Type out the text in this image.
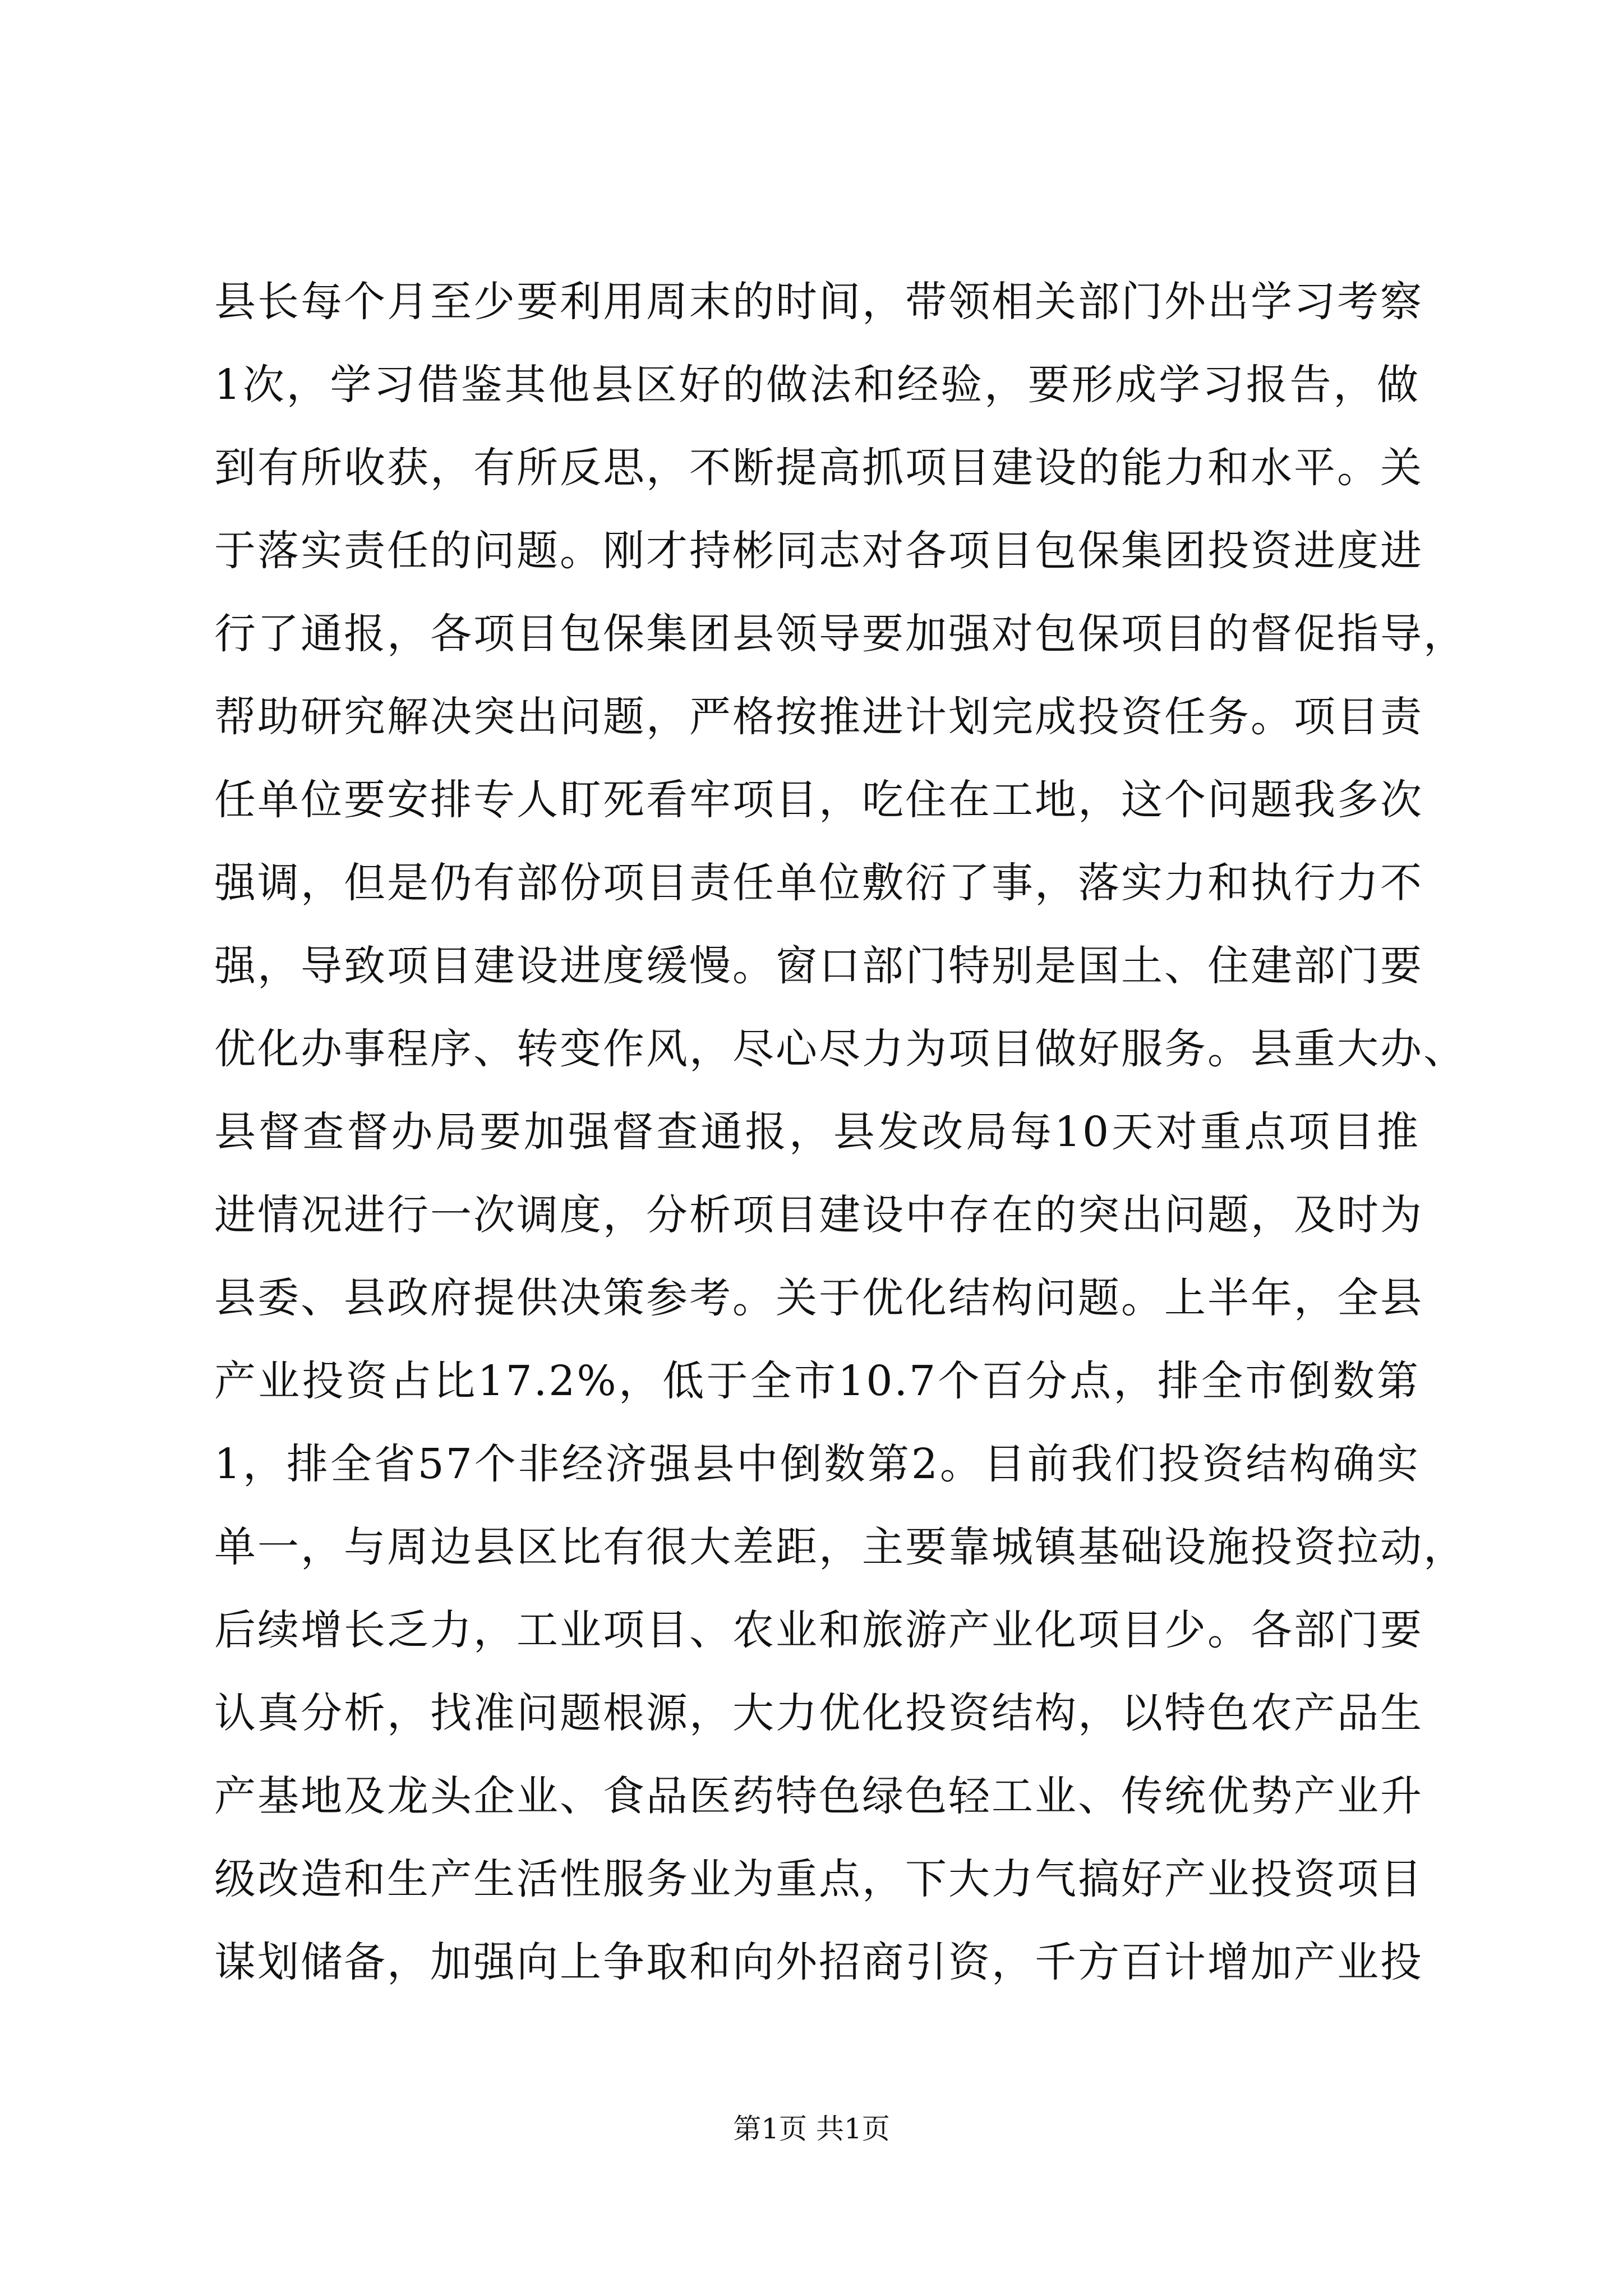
县长每个月至少要利用周末的时间，带领相关部门外出学习考察
1次，学习借鉴其他县区好的做法和经验，要形成学习报告，做
到有所收获，有所反思，不断提高抓项目建设的能力和水平。关
于落实责任的问题。刚才持彬同志对各项目包保集团投资进度进
行了通报，各项目包保集团县领导要加强对包保项目的督促指导，
帮助研究解决突出问题，严格按推进计划完成投资任务。项目责
任单位要安排专人盯死看牢项目，吃住在工地，这个问题我多次
强调，但是仍有部份项目责任单位敷衍了事，落实力和执行力不
强，导致项目建设进度缓慢。窗口部门特别是国土、住建部门要
优化办事程序、转变作风，尽心尽力为项目做好服务。县重大办、
县督查督办局要加强督查通报，县发改局每10天对重点项目推
进情况进行一次调度，分析项目建设中存在的突出问题，及时为
县委、县政府提供决策参考。关于优化结构问题。上半年，全县
产业投资占比17.2%，低于全市10.7个百分点，排全市倒数第
1，排全省57个非经济强县中倒数第2。目前我们投资结构确实
单一，与周边县区比有很大差距，主要靠城镇基础设施投资拉动，
后续增长乏力，工业项目、农业和旅游产业化项目少。各部门要
认真分析，找准问题根源，大力优化投资结构，以特色农产品生
产基地及龙头企业、食品医药特色绿色轻工业、传统优势产业升
级改造和生产生活性服务业为重点，下大力气搞好产业投资项目
谋划储备，加强向上争取和向外招商引资，千方百计增加产业投
第1页 共1页
